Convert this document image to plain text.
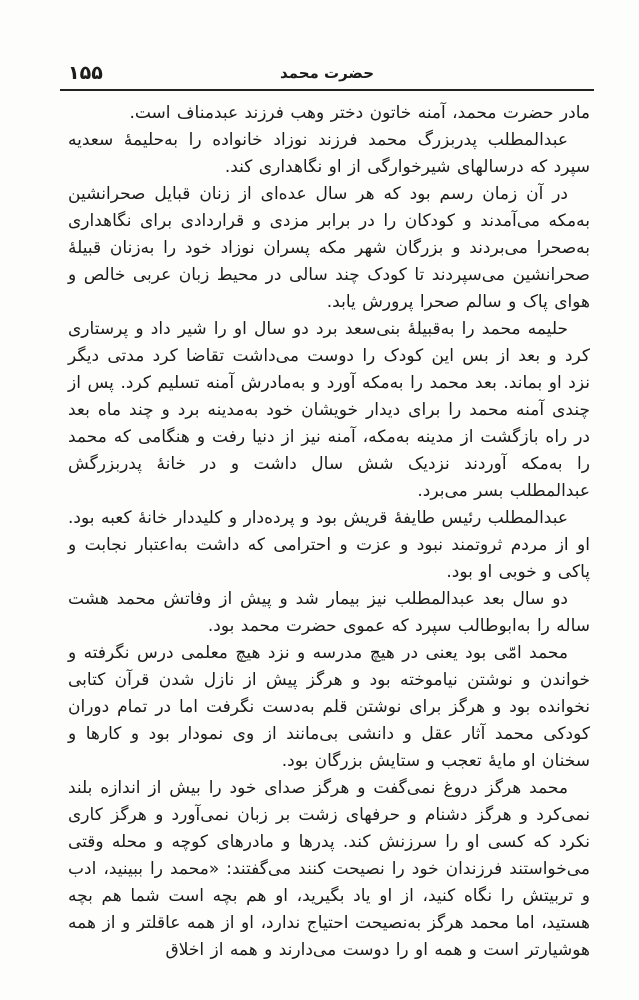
۱۵۵	حضرت محمد

مادر حضرت محمد، آمنه خاتون دختر وهب فرزند عبدمناف است.

عبدالمطلب پدربزرگ محمد فرزند نوزاد خانواده را به‌حلیمهٔ سعدیه سپرد که درسالهای شیرخوارگی از او نگاهداری کند.

در آن زمان رسم بود که هر سال عده‌ای از زنان قبایل صحرانشین به‌مکه می‌آمدند و کودکان را در برابر مزدی و قراردادی برای نگاهداری به‌صحرا می‌بردند و بزرگان شهر مکه پسران نوزاد خود را به‌زنان قبیلهٔ صحرانشین می‌سپردند تا کودک چند سالی در محیط زبان عربی خالص و هوای پاک و سالم صحرا پرورش یابد.

حلیمه محمد را به‌قبیلهٔ بنی‌سعد برد دو سال او را شیر داد و پرستاری کرد و بعد از بس این کودک را دوست می‌داشت تقاضا کرد مدتی دیگر نزد او بماند. بعد محمد را به‌مکه آورد و به‌مادرش آمنه تسلیم کرد. پس از چندی آمنه محمد را برای دیدار خویشان خود به‌مدینه برد و چند ماه بعد در راه بازگشت از مدینه به‌مکه، آمنه نیز از دنیا رفت و هنگامی که محمد را به‌مکه آوردند نزدیک شش سال داشت و در خانهٔ پدربزرگش عبدالمطلب بسر می‌برد.

عبدالمطلب رئیس طایفهٔ قریش بود و پرده‌دار و کلیددار خانهٔ کعبه بود. او از مردم ثروتمند نبود و عزت و احترامی که داشت به‌اعتبار نجابت و پاکی و خوبی او بود.

دو سال بعد عبدالمطلب نیز بیمار شد و پیش از وفاتش محمد هشت ساله را به‌ابوطالب سپرد که عموی حضرت محمد بود.

محمد امّی بود یعنی در هیچ مدرسه و نزد هیچ معلمی درس نگرفته و خواندن و نوشتن نیاموخته بود و هرگز پیش از نازل شدن قرآن کتابی نخوانده بود و هرگز برای نوشتن قلم به‌دست نگرفت اما در تمام دوران کودکی محمد آثار عقل و دانشی بی‌مانند از وی نمودار بود و کارها و سخنان او مایهٔ تعجب و ستایش بزرگان بود.

محمد هرگز دروغ نمی‌گفت و هرگز صدای خود را بیش از اندازه بلند نمی‌کرد و هرگز دشنام و حرفهای زشت بر زبان نمی‌آورد و هرگز کاری نکرد که کسی او را سرزنش کند. پدرها و مادرهای کوچه و محله وقتی می‌خواستند فرزندان خود را نصیحت کنند می‌گفتند: «محمد را ببینید، ادب و تربیتش را نگاه کنید، از او یاد بگیرید، او هم بچه است شما هم بچه هستید، اما محمد هرگز به‌نصیحت احتیاج ندارد، او از همه عاقلتر و از همه هوشیارتر است و همه او را دوست می‌دارند و همه از اخلاق
